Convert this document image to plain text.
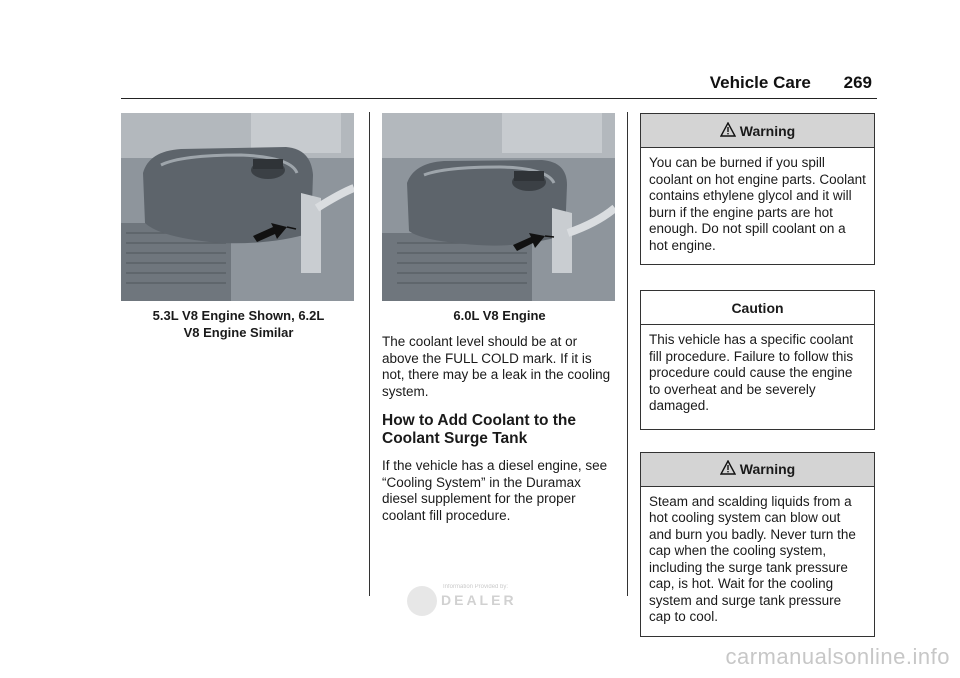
Vehicle Care 269
5.3L V8 Engine Shown, 6.2L
V8 Engine Similar
6.0L V8 Engine

The coolant level should be at or above the FULL COLD mark. If it is not, there may be a leak in the cooling system.

How to Add Coolant to the Coolant Surge Tank

If the vehicle has a diesel engine, see “Cooling System” in the Duramax diesel supplement for the proper coolant fill procedure.

Warning
You can be burned if you spill coolant on hot engine parts. Coolant contains ethylene glycol and it will burn if the engine parts are hot enough. Do not spill coolant on a hot engine.
Caution
This vehicle has a specific coolant fill procedure. Failure to follow this procedure could cause the engine to overheat and be severely damaged.
Warning
Steam and scalding liquids from a hot cooling system can blow out and burn you badly. Never turn the cap when the cooling system, including the surge tank pressure cap, is hot. Wait for the cooling system and surge tank pressure cap to cool.
Information Provided by:
DEALER
carmanualsonline.info
